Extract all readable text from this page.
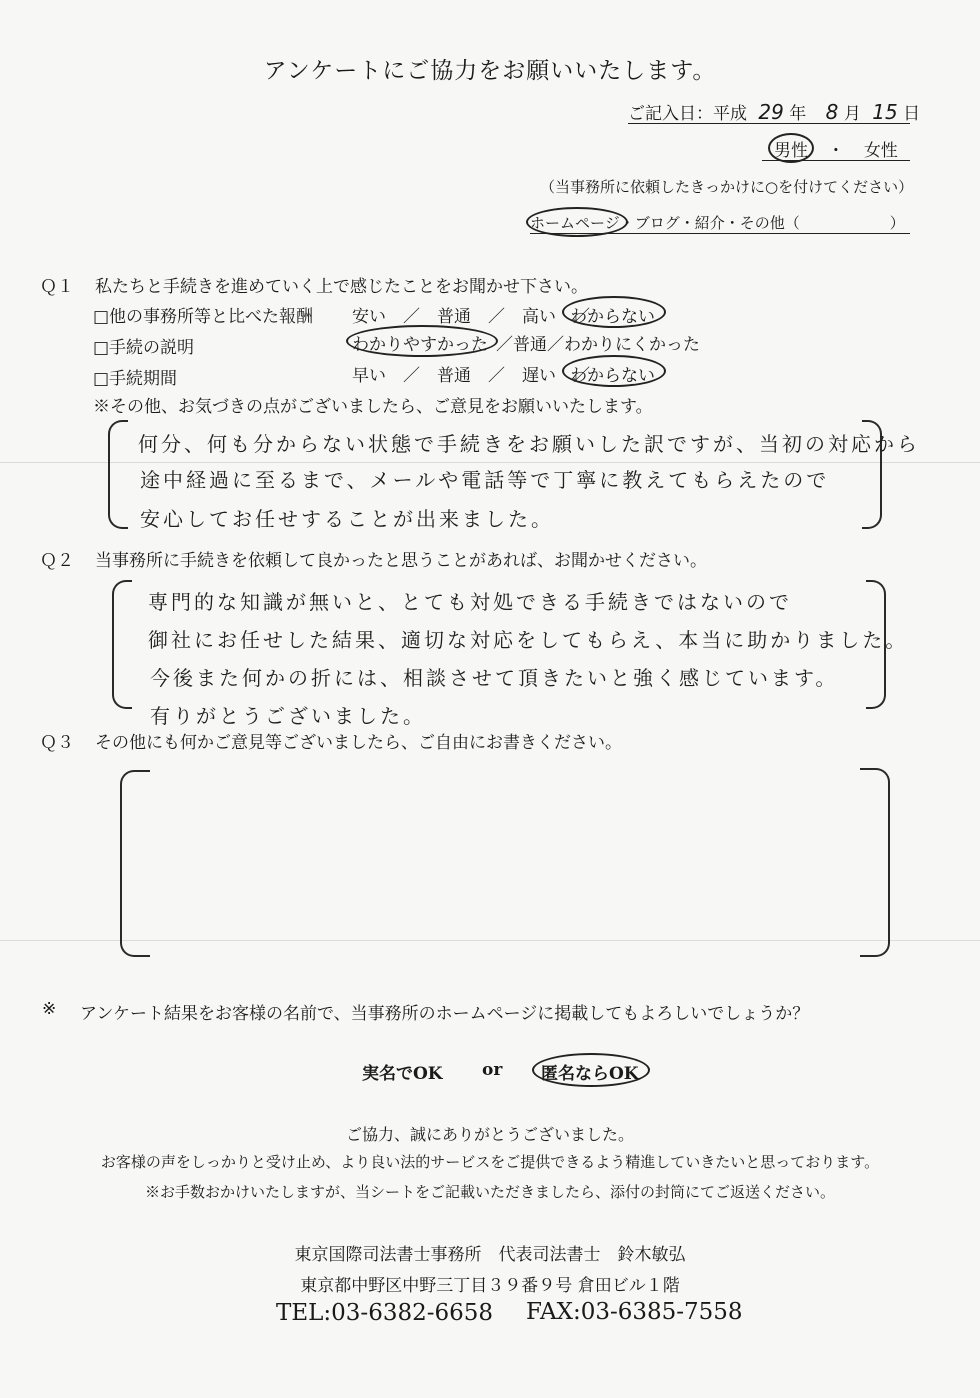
アンケートにご協力をお願いいたします。
ご記入日：平成 29 年 8 月 15 日
男性 ・ 女性
（当事務所に依頼したきっかけに○を付けてください）
ホームページ・ブログ・紹介・その他（　　　　　　）
Ｑ１ 私たちと手続きを進めていく上で感じたことをお聞かせ下さい。
□他の事務所等と比べた報酬 安い　／　普通　／　高い　／
わからない
□手続の説明	わかりやすかった ／普通／わかりにくかった
□手続期間	早い　／　普通　／　遅い　／
わからない
※その他、お気づきの点がございましたら、ご意見をお願いいたします。
何分、何も分からない状態で手続きをお願いした訳ですが、当初の対応から
途中経過に至るまで、メールや電話等で丁寧に教えてもらえたので
安心してお任せすることが出来ました。
Ｑ２ 当事務所に手続きを依頼して良かったと思うことがあれば、お聞かせください。
専門的な知識が無いと、とても対処できる手続きではないので
御社にお任せした結果、適切な対応をしてもらえ、本当に助かりました。
今後また何かの折には、相談させて頂きたいと強く感じています。
有りがとうございました。
Ｑ３ その他にも何かご意見等ございましたら、ご自由にお書きください。
※ アンケート結果をお客様の名前で、当事務所のホームページに掲載してもよろしいでしょうか？
実名でOK or 匿名ならOK
ご協力、誠にありがとうございました。
お客様の声をしっかりと受け止め、より良い法的サービスをご提供できるよう精進していきたいと思っております。
※お手数おかけいたしますが、当シートをご記載いただきましたら、添付の封筒にてご返送ください。
東京国際司法書士事務所　代表司法書士　鈴木敏弘
東京都中野区中野三丁目３９番９号 倉田ビル１階
TEL:03-6382-6658 FAX:03-6385-7558
